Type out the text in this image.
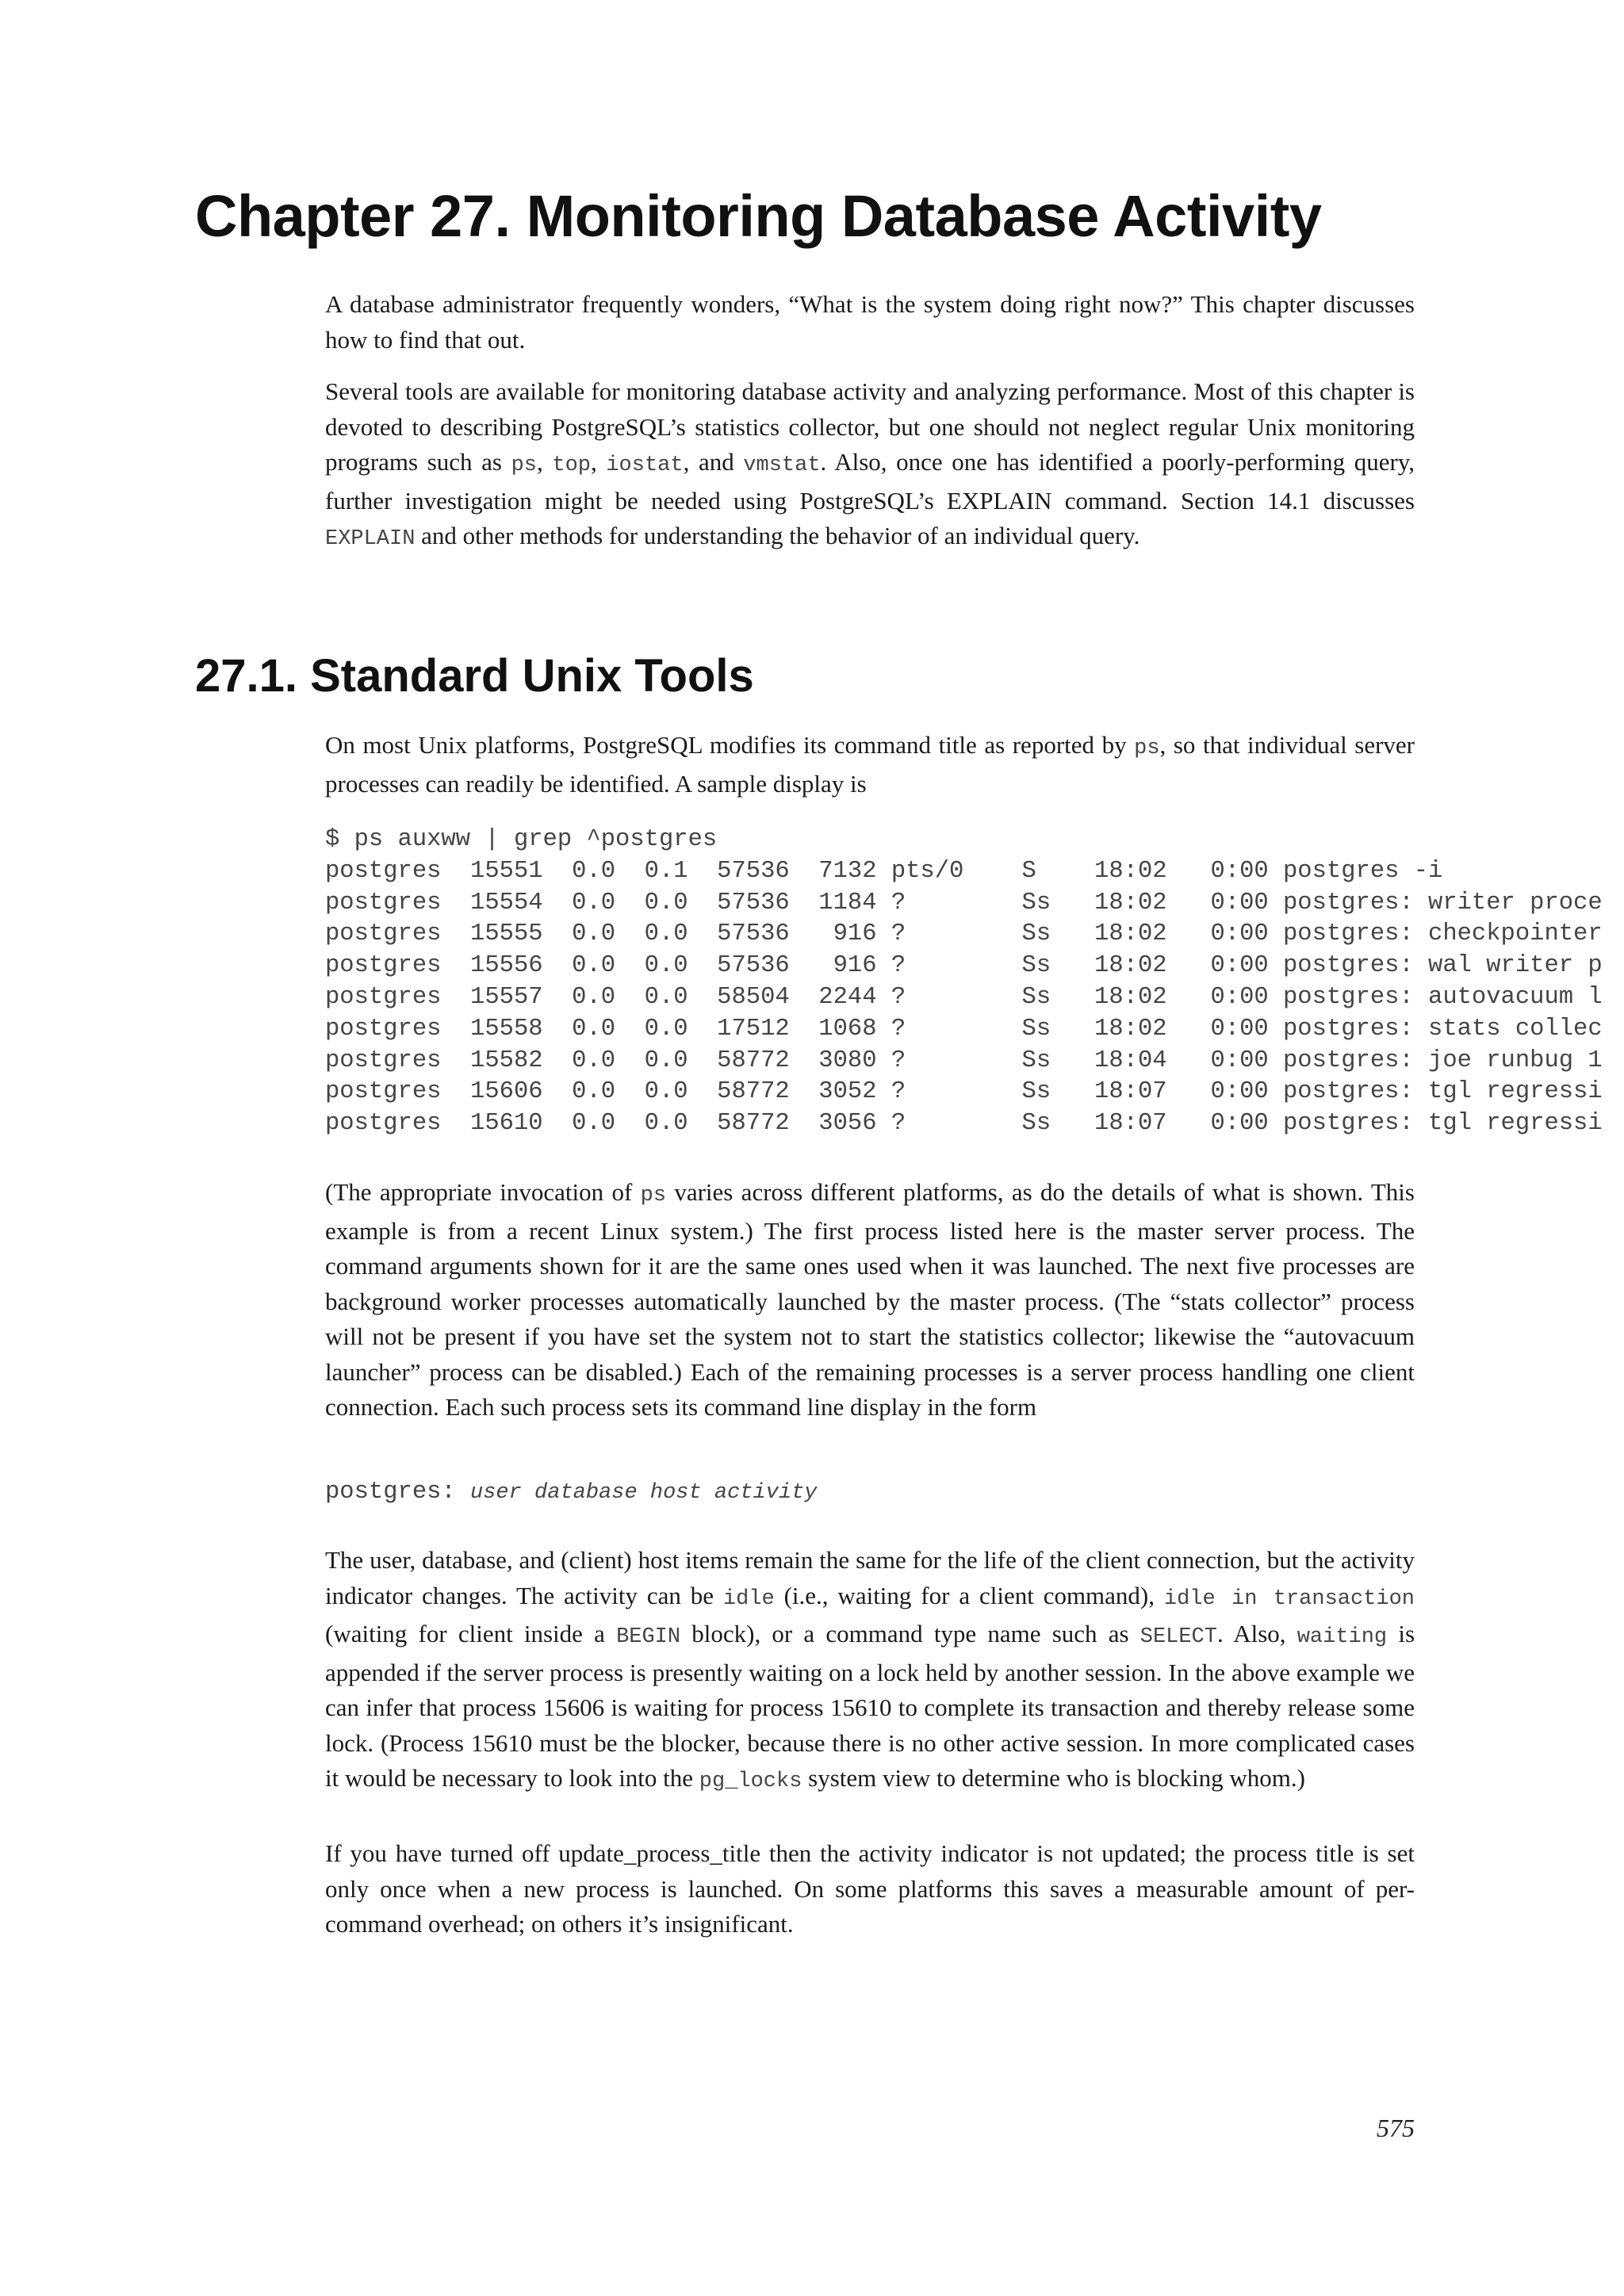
Chapter 27. Monitoring Database Activity

A database administrator frequently wonders, “What is the system doing right now?” This chapter discusses how to find that out.

Several tools are available for monitoring database activity and analyzing performance. Most of this chapter is devoted to describing PostgreSQL’s statistics collector, but one should not neglect regular Unix monitoring programs such as ps, top, iostat, and vmstat. Also, once one has identified a poorly-performing query, further investigation might be needed using PostgreSQL’s EXPLAIN command. Section 14.1 discusses EXPLAIN and other methods for understanding the behavior of an individual query.

27.1. Standard Unix Tools

On most Unix platforms, PostgreSQL modifies its command title as reported by ps, so that individual server processes can readily be identified. A sample display is

$ ps auxww | grep ^postgres
postgres  15551  0.0  0.1  57536  7132 pts/0    S    18:02   0:00 postgres -i
postgres  15554  0.0  0.0  57536  1184 ?        Ss   18:02   0:00 postgres: writer proce
postgres  15555  0.0  0.0  57536   916 ?        Ss   18:02   0:00 postgres: checkpointer
postgres  15556  0.0  0.0  57536   916 ?        Ss   18:02   0:00 postgres: wal writer p
postgres  15557  0.0  0.0  58504  2244 ?        Ss   18:02   0:00 postgres: autovacuum l
postgres  15558  0.0  0.0  17512  1068 ?        Ss   18:02   0:00 postgres: stats collec
postgres  15582  0.0  0.0  58772  3080 ?        Ss   18:04   0:00 postgres: joe runbug 1
postgres  15606  0.0  0.0  58772  3052 ?        Ss   18:07   0:00 postgres: tgl regressi
postgres  15610  0.0  0.0  58772  3056 ?        Ss   18:07   0:00 postgres: tgl regressi

(The appropriate invocation of ps varies across different platforms, as do the details of what is shown. This example is from a recent Linux system.) The first process listed here is the master server process. The command arguments shown for it are the same ones used when it was launched. The next five processes are background worker processes automatically launched by the master process. (The “stats collector” process will not be present if you have set the system not to start the statistics collector; likewise the “autovacuum launcher” process can be disabled.) Each of the remaining processes is a server process handling one client connection. Each such process sets its command line display in the form

postgres: user database host activity

The user, database, and (client) host items remain the same for the life of the client connection, but the activity indicator changes. The activity can be idle (i.e., waiting for a client command), idle in transaction (waiting for client inside a BEGIN block), or a command type name such as SELECT. Also, waiting is appended if the server process is presently waiting on a lock held by another session. In the above example we can infer that process 15606 is waiting for process 15610 to complete its transaction and thereby release some lock. (Process 15610 must be the blocker, because there is no other active session. In more complicated cases it would be necessary to look into the pg_locks system view to determine who is blocking whom.)

If you have turned off update_process_title then the activity indicator is not updated; the process title is set only once when a new process is launched. On some platforms this saves a measurable amount of per-command overhead; on others it’s insignificant.

575
